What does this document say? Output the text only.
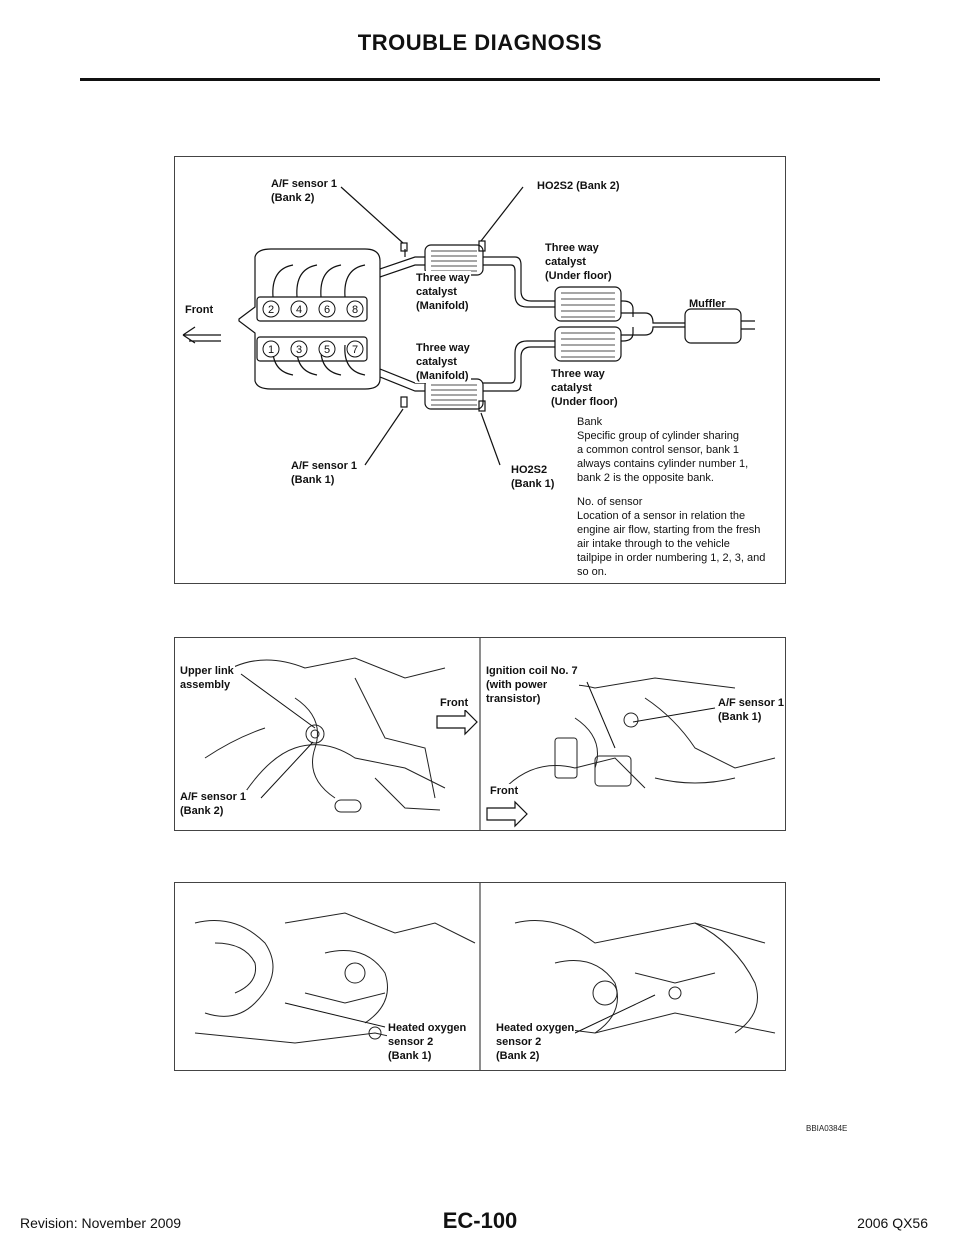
TROUBLE DIAGNOSIS
2 4 6 8
1 3 5 7
Front	Muffler
A/F sensor 1
(Bank 2)
HO2S2 (Bank 2)
Three way
catalyst
(Under floor)
Three way
catalyst
(Manifold)
Three way
catalyst
(Manifold)	Three way
catalyst
(Under floor)
A/F sensor 1
(Bank 1)
HO2S2
(Bank 1)
Bank
Specific group of cylinder sharing
a common control sensor, bank 1
always contains cylinder number 1,
bank 2 is the opposite bank.
No. of sensor
Location of a sensor in relation the
engine air flow, starting from the fresh
air intake through to the vehicle
tailpipe in order numbering 1, 2, 3, and
so on.
Upper link
assembly
Front
A/F sensor 1
(Bank 2)
Ignition coil No. 7
(with power
transistor)	A/F sensor 1
(Bank 1)
Front
Heated oxygen
sensor 2
(Bank 1)
Heated oxygen
sensor 2
(Bank 2)
BBIA0384E
Revision: November 2009	EC-100	2006 QX56
